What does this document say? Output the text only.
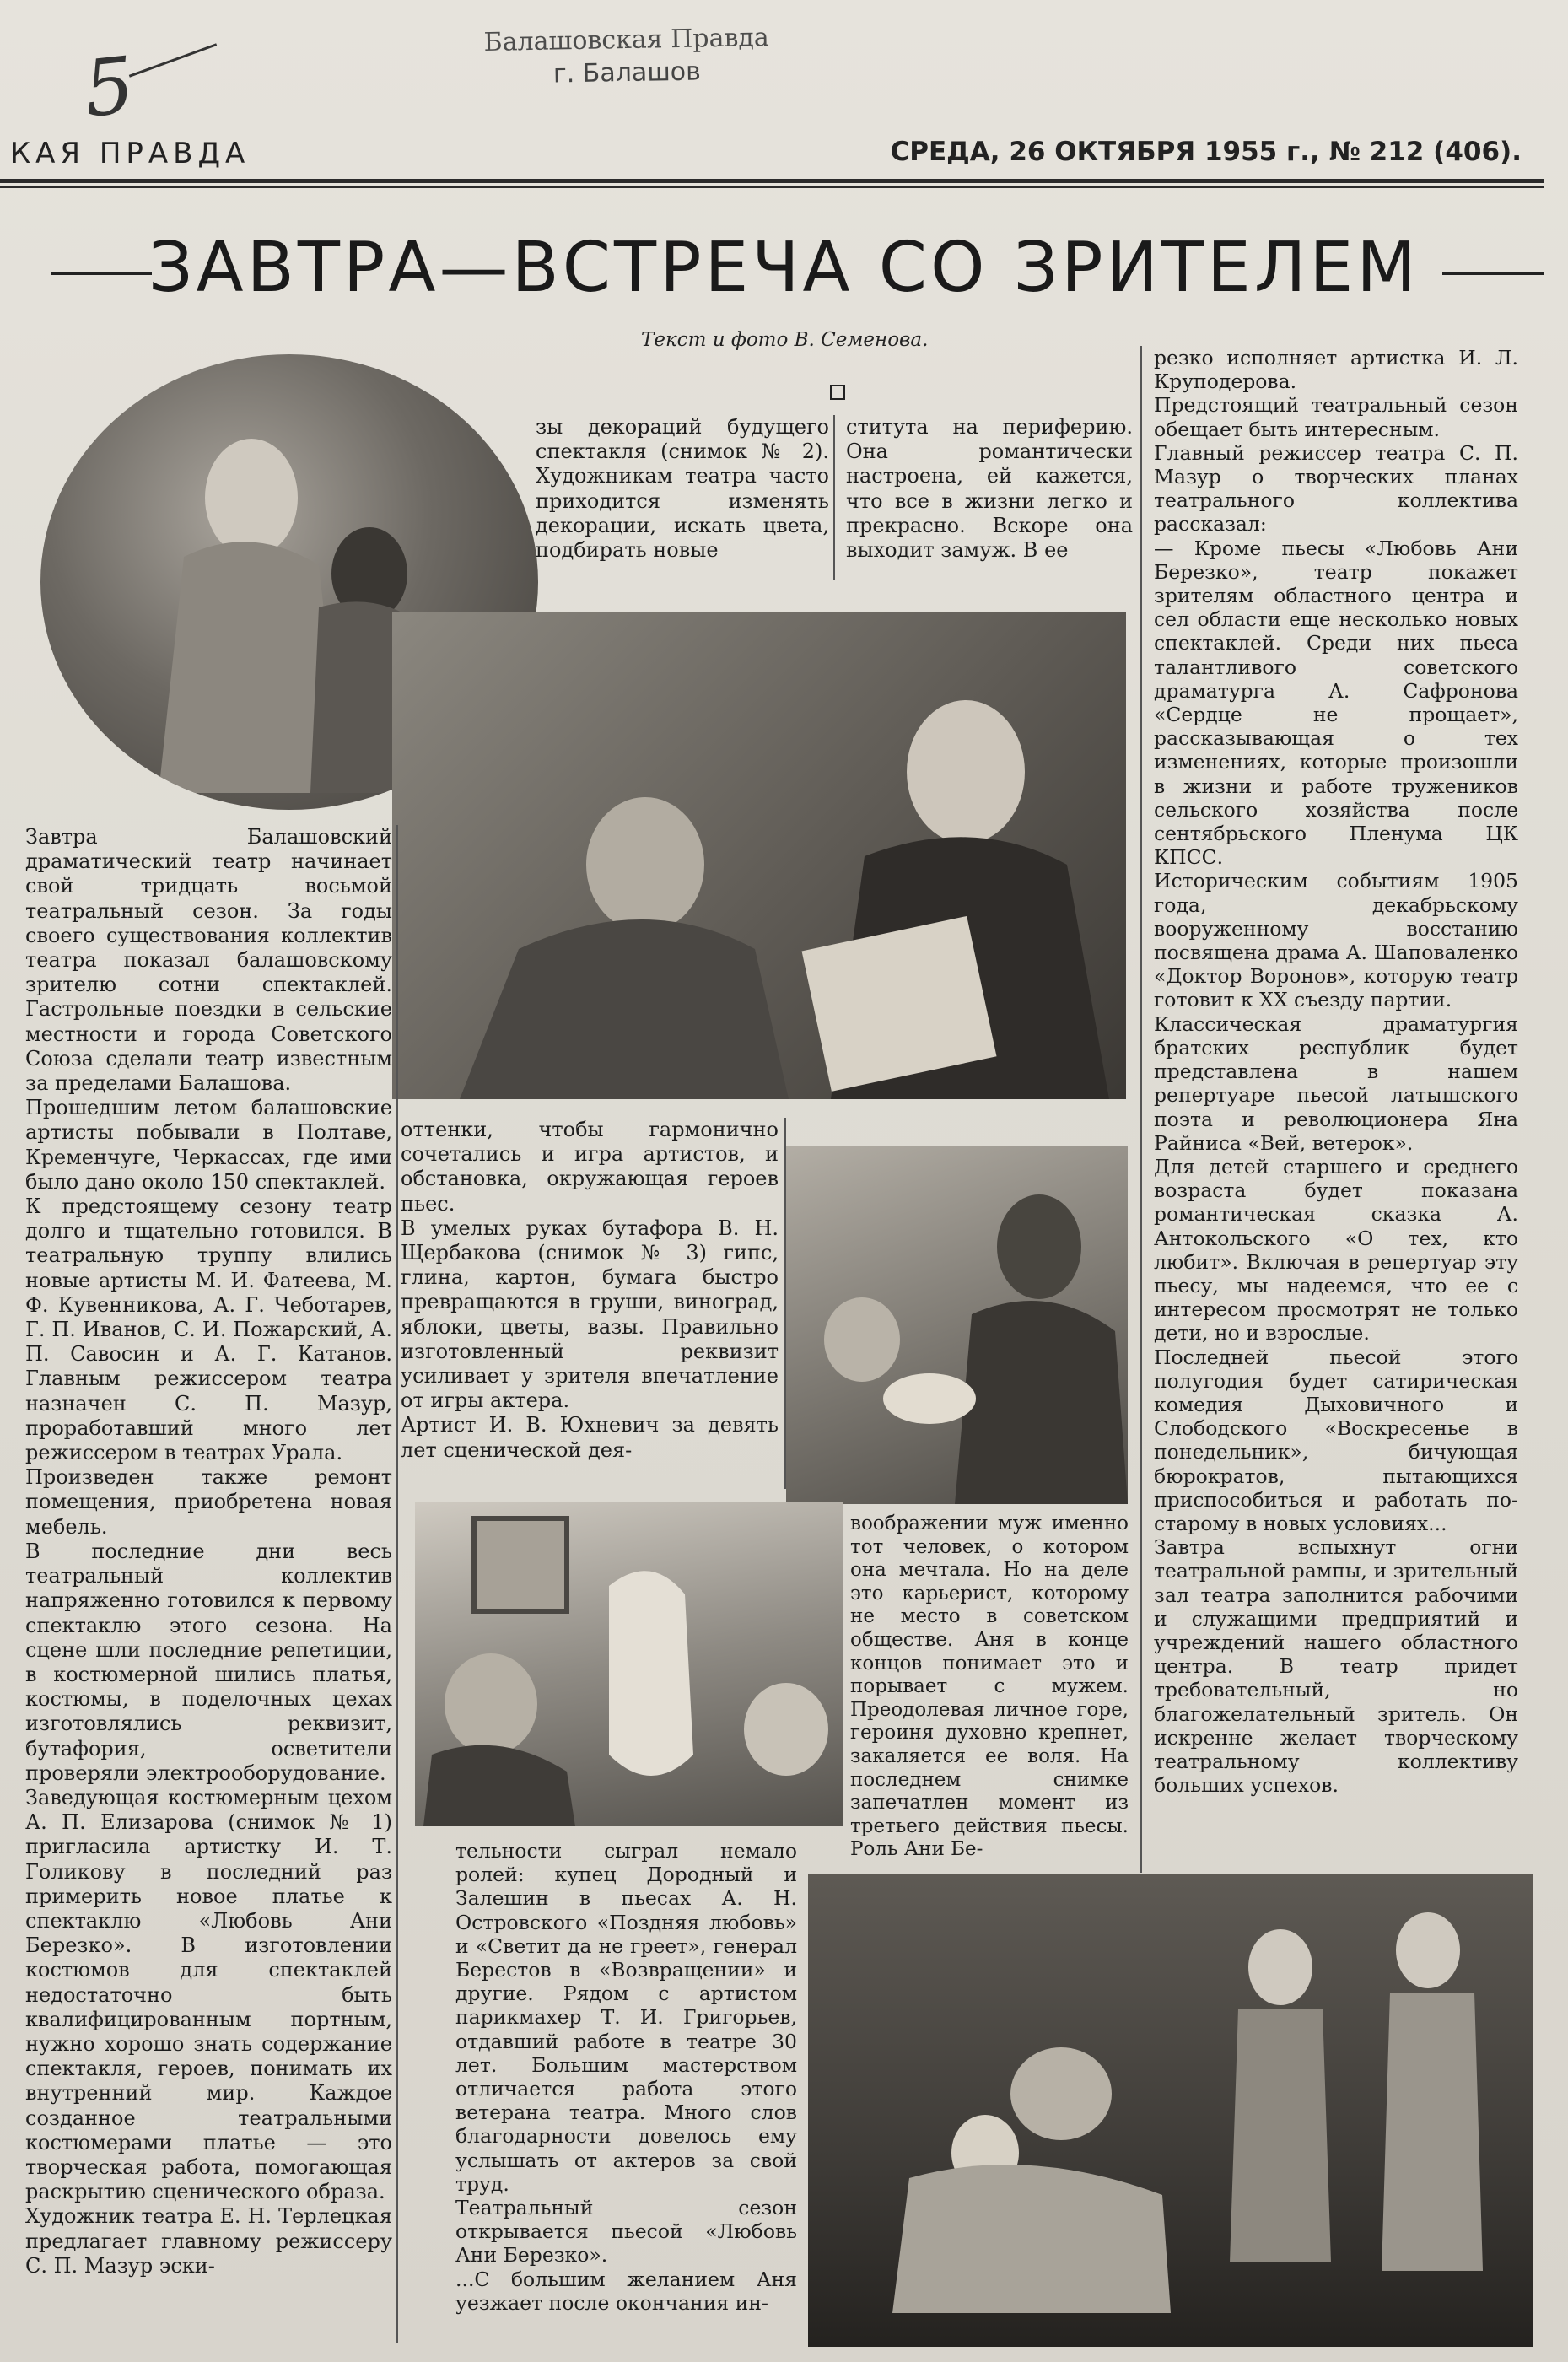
5	Балашовская Правда
г. Балашов
КАЯ ПРАВДА	СРЕДА, 26 ОКТЯБРЯ 1955 г., № 212 (406).
ЗАВТРА—ВСТРЕЧА СО ЗРИТЕЛЕМ
Текст и фото В. Семенова.
Завтра Балашовский драматический театр начинает свой тридцать восьмой театральный сезон. За годы своего существования коллектив театра показал балашовскому зрителю сотни спектаклей. Гастрольные поездки в сельские местности и города Советского Союза сделали театр известным за пределами Балашова.
Прошедшим летом балашовские артисты побывали в Полтаве, Кременчуге, Черкассах, где ими было дано около 150 спектаклей.
К предстоящему сезону театр долго и тщательно готовился. В театральную труппу влились новые артисты М. И. Фатеева, М. Ф. Кувенникова, А. Г. Чеботарев, Г. П. Иванов, С. И. Пожарский, А. П. Савосин и А. Г. Катанов. Главным режиссером театра назначен С. П. Мазур, проработавший много лет режиссером в театрах Урала.
Произведен также ремонт помещения, приобретена новая мебель.
В последние дни весь театральный коллектив напряженно готовился к первому спектаклю этого сезона. На сцене шли последние репетиции, в костюмерной шились платья, костюмы, в поделочных цехах изготовлялись реквизит, бутафория, осветители проверяли электрооборудование.
Заведующая костюмерным цехом А. П. Елизарова (снимок № 1) пригласила артистку И. Т. Голикову в последний раз примерить новое платье к спектаклю «Любовь Ани Березко». В изготовлении костюмов для спектаклей недостаточно быть квалифицированным портным, нужно хорошо знать содержание спектакля, героев, понимать их внутренний мир. Каждое созданное театральными костюмерами платье — это творческая работа, помогающая раскрытию сценического образа.
Художник театра Е. Н. Терлецкая предлагает главному режиссеру С. П. Мазур эски-
зы декораций будущего спектакля (снимок № 2). Художникам театра часто приходится изменять декорации, искать цвета, подбирать новые
оттенки, чтобы гармонично сочетались и игра артистов, и обстановка, окружающая героев пьес.
В умелых руках бутафора В. Н. Щербакова (снимок № 3) гипс, глина, картон, бумага быстро превращаются в груши, виноград, яблоки, цветы, вазы. Правильно изготовленный реквизит усиливает у зрителя впечатление от игры актера.
Артист И. В. Юхневич за девять лет сценической дея-
тельности сыграл немало ролей: купец Дородный и Залешин в пьесах А. Н. Островского «Поздняя любовь» и «Светит да не греет», генерал Берестов в «Возвращении» и другие. Рядом с артистом парикмахер Т. И. Григорьев, отдавший работе в театре 30 лет. Большим мастерством отличается работа этого ветерана театра. Много слов благодарности довелось ему услышать от актеров за свой труд.
Театральный сезон открывается пьесой «Любовь Ани Березко».
...С большим желанием Аня уезжает после окончания ин-
ститута на периферию. Она романтически настроена, ей кажется, что все в жизни легко и прекрасно. Вскоре она выходит замуж. В ее
воображении муж именно тот человек, о котором она мечтала. Но на деле это карьерист, которому не место в советском обществе. Аня в конце концов понимает это и порывает с мужем. Преодолевая личное горе, героиня духовно крепнет, закаляется ее воля. На последнем снимке запечатлен момент из третьего действия пьесы. Роль Ани Бе-
резко исполняет артистка И. Л. Круподерова.
Предстоящий театральный сезон обещает быть интересным.
Главный режиссер театра С. П. Мазур о творческих планах театрального коллектива рассказал:
— Кроме пьесы «Любовь Ани Березко», театр покажет зрителям областного центра и сел области еще несколько новых спектаклей. Среди них пьеса талантливого советского драматурга А. Сафронова «Сердце не прощает», рассказывающая о тех изменениях, которые произошли в жизни и работе тружеников сельского хозяйства после сентябрьского Пленума ЦК КПСС.
Историческим событиям 1905 года, декабрьскому вооруженному восстанию посвящена драма А. Шаповаленко «Доктор Воронов», которую театр готовит к XX съезду партии.
Классическая драматургия братских республик будет представлена в нашем репертуаре пьесой латышского поэта и революционера Яна Райниса «Вей, ветерок».
Для детей старшего и среднего возраста будет показана романтическая сказка А. Антокольского «О тех, кто любит». Включая в репертуар эту пьесу, мы надеемся, что ее с интересом просмотрят не только дети, но и взрослые.
Последней пьесой этого полугодия будет сатирическая комедия Дыховичного и Слободского «Воскресенье в понедельник», бичующая бюрократов, пытающихся приспособиться и работать по-старому в новых условиях...
Завтра вспыхнут огни театральной рампы, и зрительный зал театра заполнится рабочими и служащими предприятий и учреждений нашего областного центра. В театр придет требовательный, но благожелательный зритель. Он искренне желает творческому театральному коллективу больших успехов.
